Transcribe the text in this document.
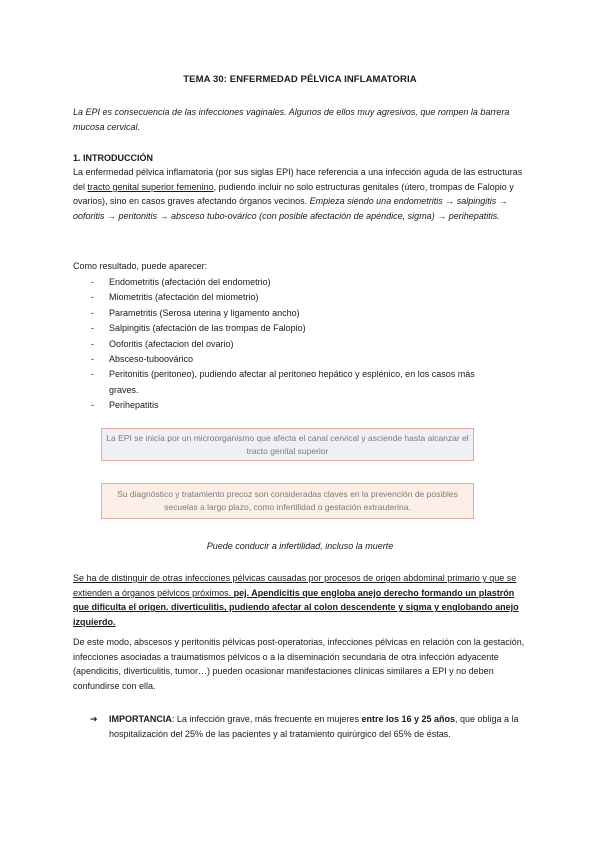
TEMA 30: ENFERMEDAD PÉLVICA INFLAMATORIA
La EPI es consecuencia de las infecciones vaginales. Algunos de ellos muy agresivos, que rompen la barrera mucosa cervical.
1. INTRODUCCIÓN
La enfermedad pélvica inflamatoria (por sus siglas EPI) hace referencia a una infección aguda de las estructuras del tracto genital superior femenino, pudiendo incluir no solo estructuras genitales (útero, trompas de Falopio y ovarios), sino en casos graves afectando órganos vecinos. Empieza siendo una endometritis → salpingitis → ooforitis → peritonitis → absceso tubo-ovárico (con posible afectación de apéndice, sigma) → perihepatitis.
Como resultado, puede aparecer:
- Endometritis (afectación del endometrio)
- Miometritis (afectación del miometrio)
- Parametritis (Serosa uterina y ligamento ancho)
- Salpingitis (afectación de las trompas de Falopio)
- Ooforitis (afectacion del ovario)
- Absceso-tuboovárico
- Peritonitis (peritoneo), pudiendo afectar al peritoneo hepático y esplénico, en los casos más graves.
- Perihepatitis
La EPI se inicia por un microorganismo que afecta el canal cervical y asciende hasta alcanzar el tracto genital superior
Su diagnóstico y tratamiento precoz son consideradas claves en la prevención de posibles secuelas a largo plazo, como infertilidad o gestación extrauterina.
Puede conducir a infertilidad, incluso la muerte
Se ha de distinguir de otras infecciones pélvicas causadas por procesos de origen abdominal primario y que se extienden a órganos pélvicos próximos. pej. Apendicitis que engloba anejo derecho formando un plastrón que dificulta el origen. diverticulitis, pudiendo afectar al colon descendente y sigma y englobando anejo izquierdo.
De este modo, abscesos y peritonitis pélvicas post-operatorias, infecciones pélvicas en relación con la gestación, infecciones asociadas a traumatismos pélvicos o a la diseminación secundaria de otra infección adyacente (apendicitis, diverticulitis, tumor…) pueden ocasionar manifestaciones clínicas similares a EPI y no deben confundirse con ella.
➔	IMPORTANCIA: La infección grave, más frecuente en mujeres entre los 16 y 25 años, que obliga a la hospitalización del 25% de las pacientes y al tratamiento quirúrgico del 65% de éstas.
